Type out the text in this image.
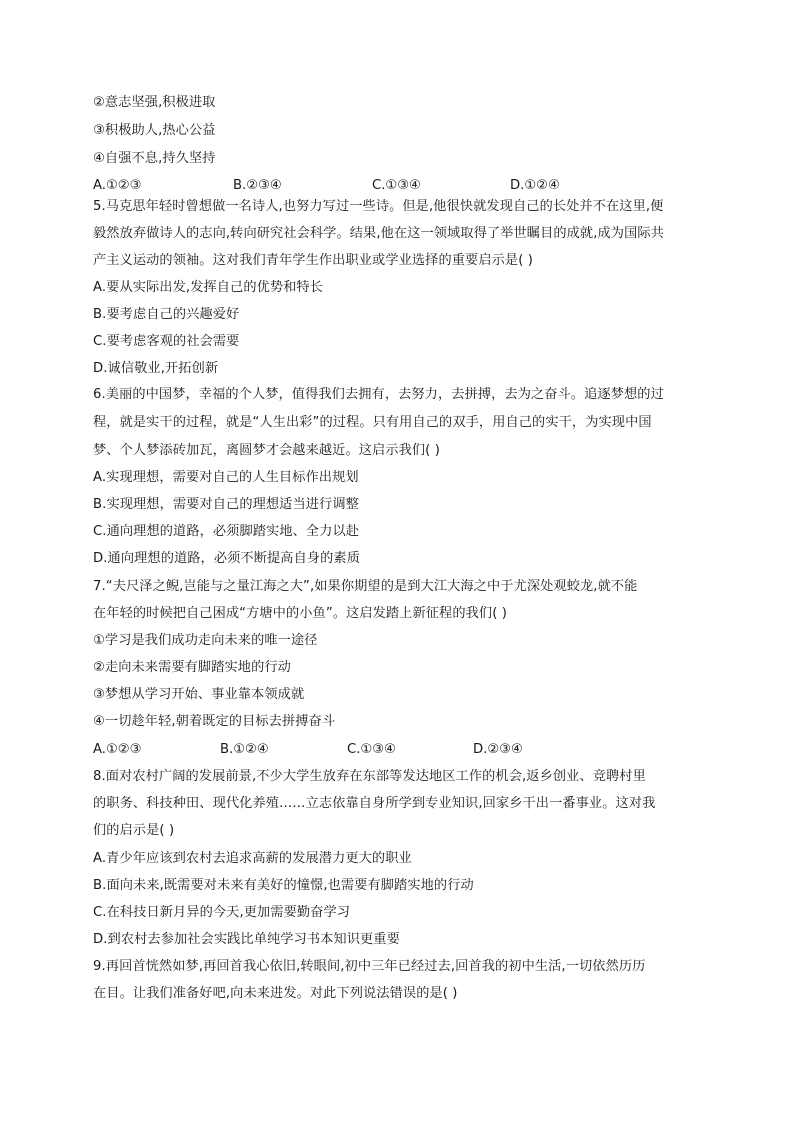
②意志坚强,积极进取
③积极助人,热心公益
④自强不息,持久坚持
A.①②③	B.②③④	C.①③④	D.①②④
5.马克思年轻时曾想做一名诗人,也努力写过一些诗。但是,他很快就发现自己的长处并不在这里,便
毅然放弃做诗人的志向,转向研究社会科学。结果,他在这一领域取得了举世瞩目的成就,成为国际共
产主义运动的领袖。这对我们青年学生作出职业或学业选择的重要启示是( )
A.要从实际出发,发挥自己的优势和特长
B.要考虑自己的兴趣爱好
C.要考虑客观的社会需要
D.诚信敬业,开拓创新
6.美丽的中国梦，幸福的个人梦，值得我们去拥有，去努力，去拼搏，去为之奋斗。追逐梦想的过
程，就是实干的过程，就是“人生出彩”的过程。只有用自己的双手，用自己的实干，为实现中国
梦、个人梦添砖加瓦，离圆梦才会越来越近。这启示我们( )
A.实现理想，需要对自己的人生目标作出规划
B.实现理想，需要对自己的理想适当进行调整
C.通向理想的道路，必须脚踏实地、全力以赴
D.通向理想的道路，必须不断提高自身的素质
7.“夫尺泽之鲵,岂能与之量江海之大”,如果你期望的是到大江大海之中于尤深处观蛟龙,就不能
在年轻的时候把自己困成“方塘中的小鱼”。这启发踏上新征程的我们( )
①学习是我们成功走向未来的唯一途径
②走向未来需要有脚踏实地的行动
③梦想从学习开始、事业靠本领成就
④一切趁年轻,朝着既定的目标去拼搏奋斗
A.①②③	B.①②④	C.①③④	D.②③④
8.面对农村广阔的发展前景,不少大学生放弃在东部等发达地区工作的机会,返乡创业、竞聘村里
的职务、科技种田、现代化养殖……立志依靠自身所学到专业知识,回家乡干出一番事业。这对我
们的启示是( )
A.青少年应该到农村去追求高薪的发展潜力更大的职业
B.面向未来,既需要对未来有美好的憧憬,也需要有脚踏实地的行动
C.在科技日新月异的今天,更加需要勤奋学习
D.到农村去参加社会实践比单纯学习书本知识更重要
9.再回首恍然如梦,再回首我心依旧,转眼间,初中三年已经过去,回首我的初中生活,一切依然历历
在目。让我们准备好吧,向未来进发。对此下列说法错误的是( )
